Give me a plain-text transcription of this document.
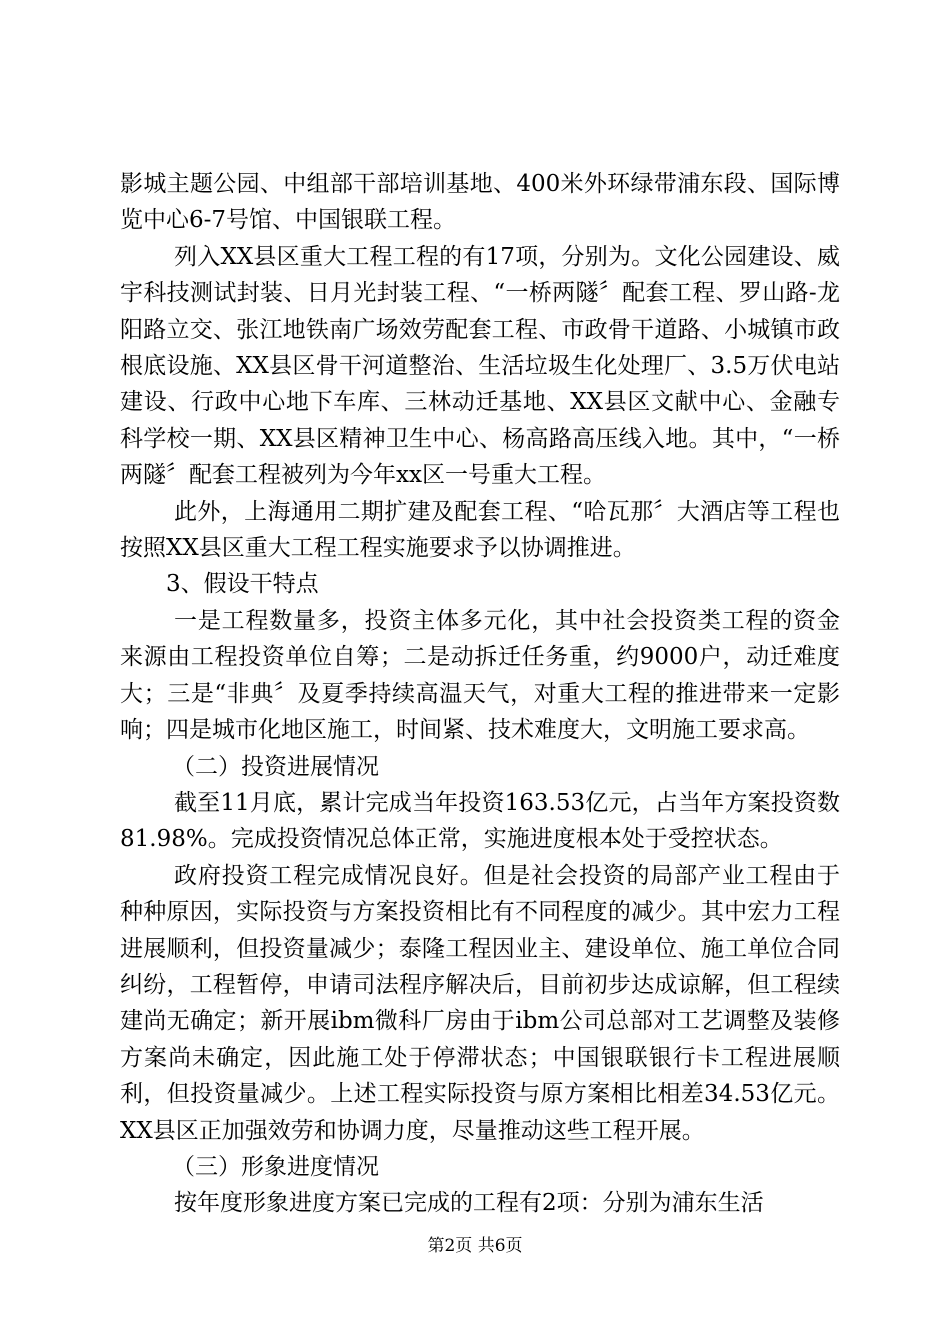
影城主题公园、中组部干部培训基地、400米外环绿带浦东段、国际博览中心6-7号馆、中国银联工程。

列入XX县区重大工程工程的有17项，分别为。文化公园建设、威宇科技测试封装、日月光封装工程、“一桥两隧〞配套工程、罗山路-龙阳路立交、张江地铁南广场效劳配套工程、市政骨干道路、小城镇市政根底设施、XX县区骨干河道整治、生活垃圾生化处理厂、3.5万伏电站建设、行政中心地下车库、三林动迁基地、XX县区文献中心、金融专科学校一期、XX县区精神卫生中心、杨高路高压线入地。其中，“一桥两隧〞配套工程被列为今年xx区一号重大工程。

此外，上海通用二期扩建及配套工程、“哈瓦那〞大酒店等工程也按照XX县区重大工程工程实施要求予以协调推进。

3、假设干特点

一是工程数量多，投资主体多元化，其中社会投资类工程的资金来源由工程投资单位自筹；二是动拆迁任务重，约9000户，动迁难度大；三是“非典〞及夏季持续高温天气，对重大工程的推进带来一定影响；四是城市化地区施工，时间紧、技术难度大，文明施工要求高。

（二）投资进展情况

截至11月底，累计完成当年投资163.53亿元，占当年方案投资数81.98%。完成投资情况总体正常，实施进度根本处于受控状态。

政府投资工程完成情况良好。但是社会投资的局部产业工程由于种种原因，实际投资与方案投资相比有不同程度的减少。其中宏力工程进展顺利，但投资量减少；泰隆工程因业主、建设单位、施工单位合同纠纷，工程暂停，申请司法程序解决后，目前初步达成谅解，但工程续建尚无确定；新开展ibm微科厂房由于ibm公司总部对工艺调整及装修方案尚未确定，因此施工处于停滞状态；中国银联银行卡工程进展顺利，但投资量减少。上述工程实际投资与原方案相比相差34.53亿元。XX县区正加强效劳和协调力度，尽量推动这些工程开展。

（三）形象进度情况

按年度形象进度方案已完成的工程有2项：分别为浦东生活

第2页 共6页
